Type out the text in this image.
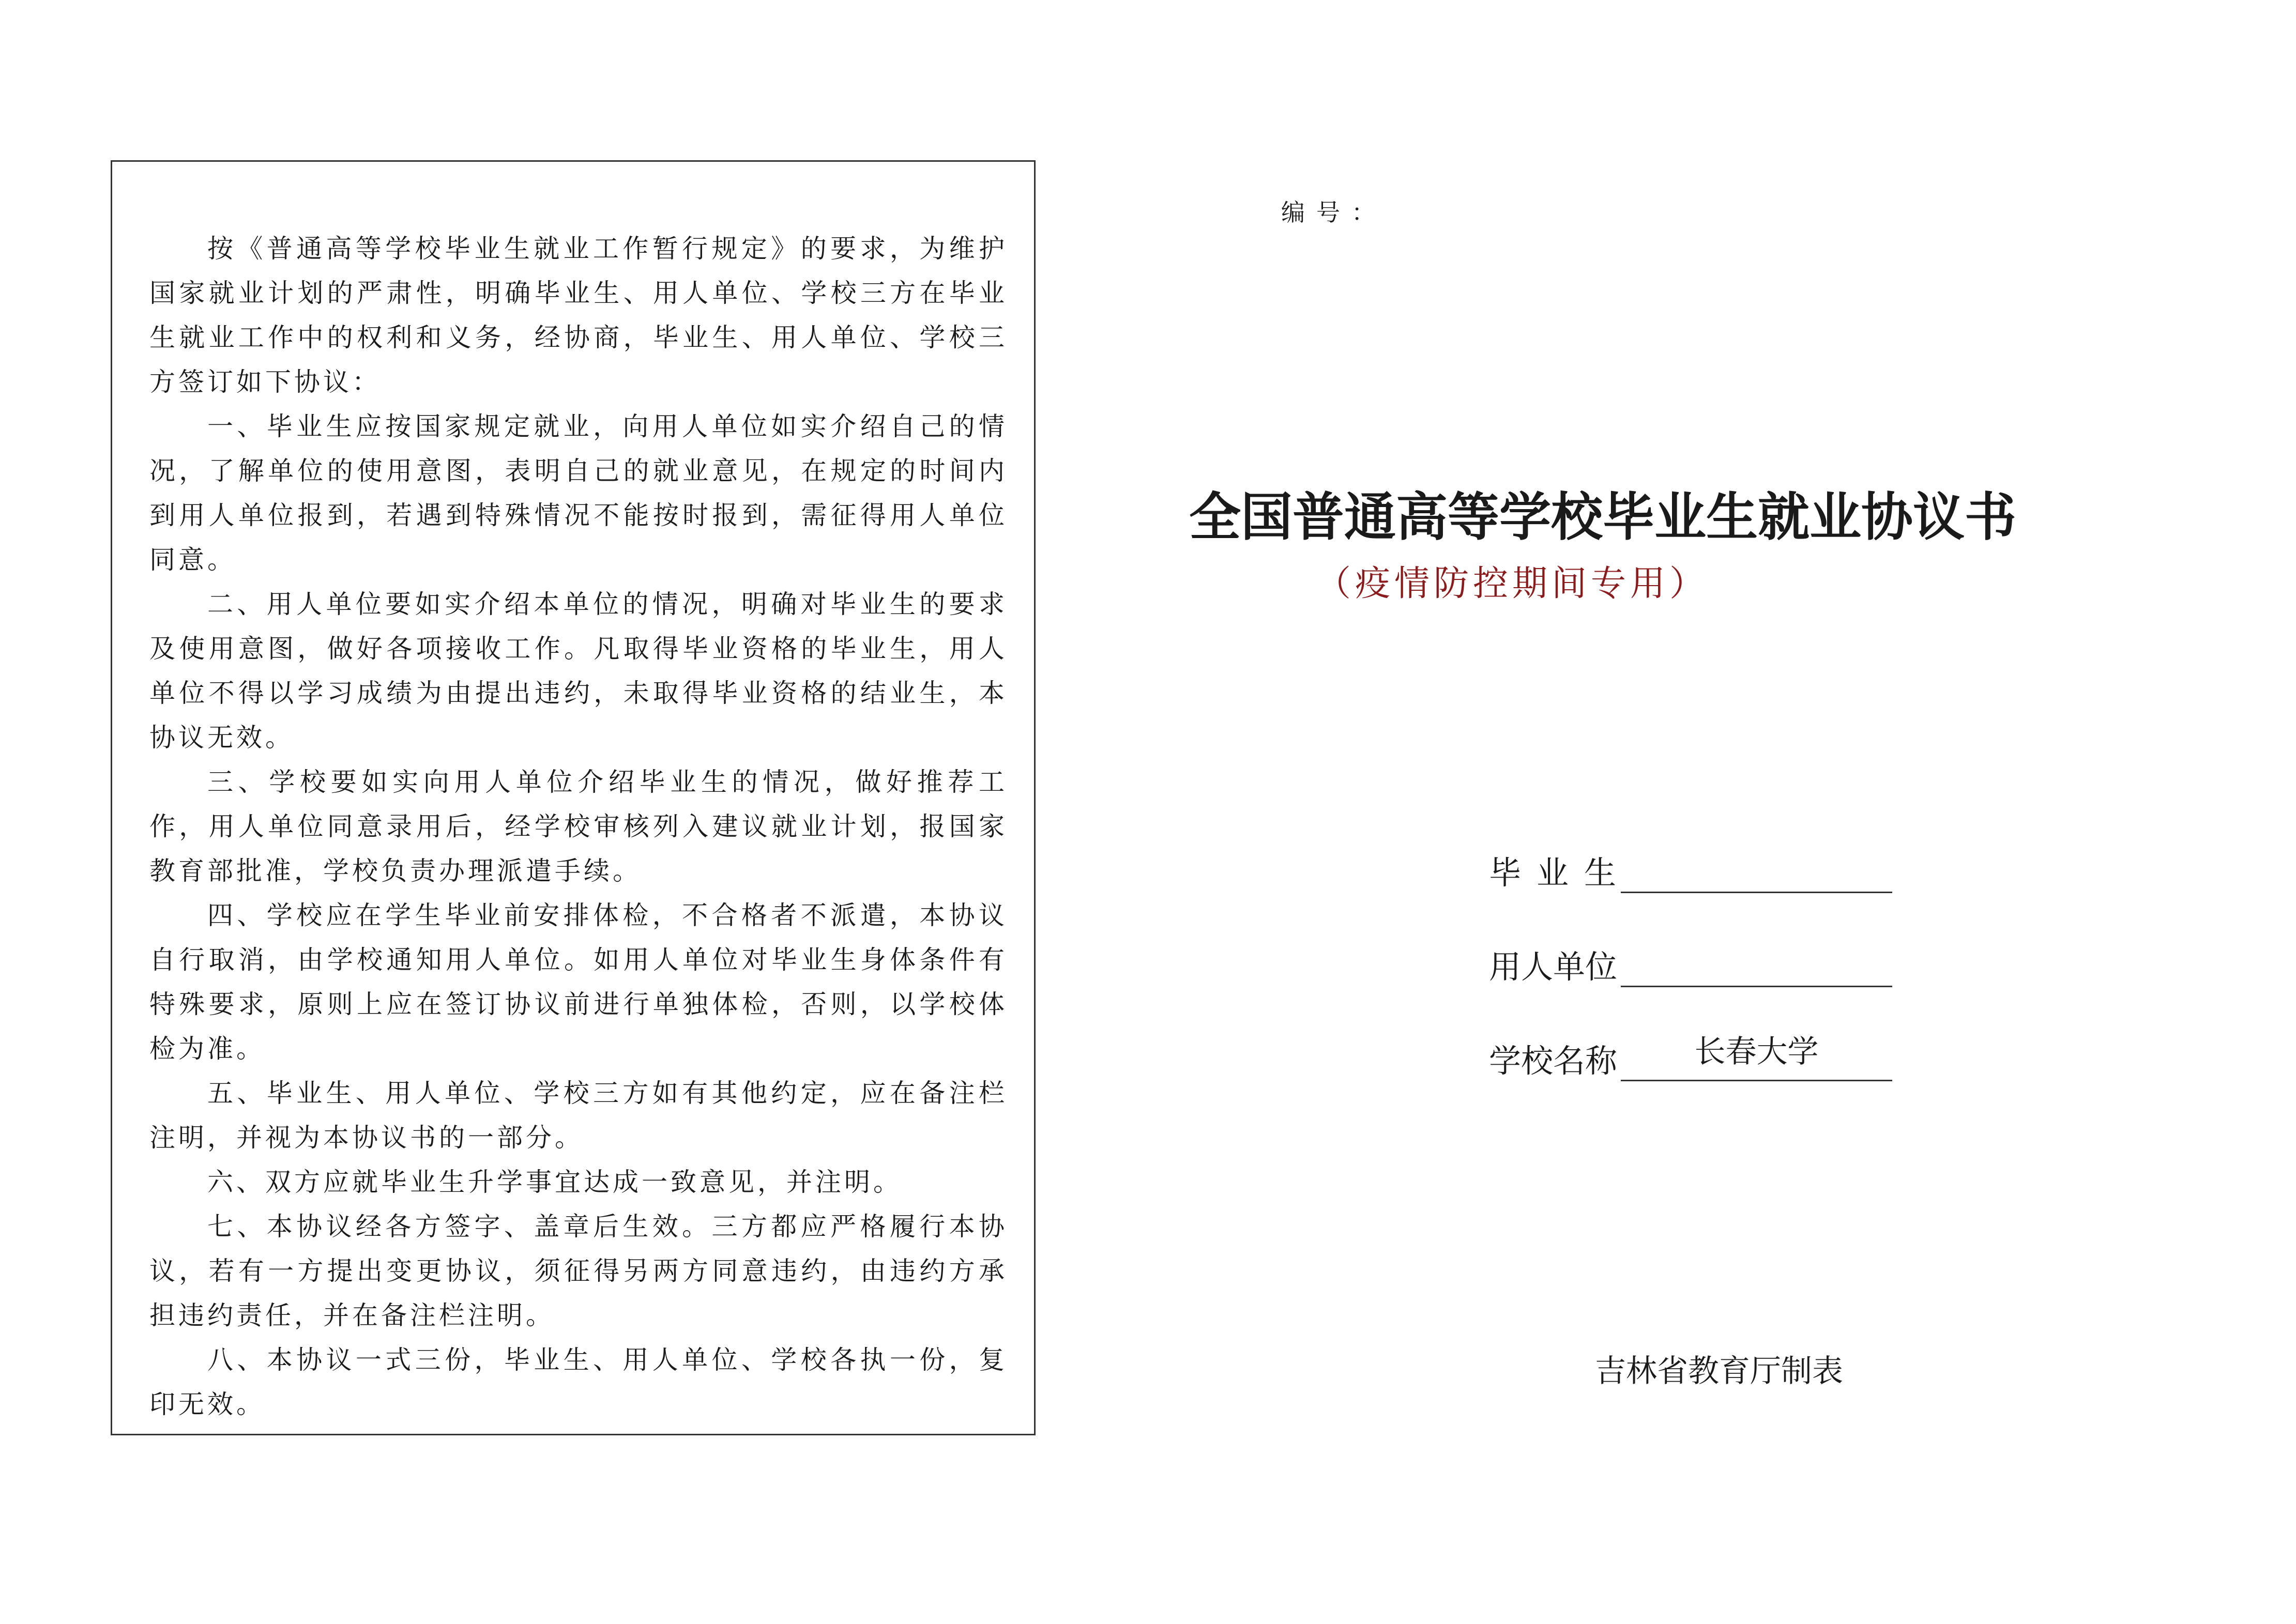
按《普通高等学校毕业生就业工作暂行规定》的要求，为维护国家就业计划的严肃性，明确毕业生、用人单位、学校三方在毕业生就业工作中的权利和义务，经协商，毕业生、用人单位、学校三方签订如下协议：

一、毕业生应按国家规定就业，向用人单位如实介绍自己的情况，了解单位的使用意图，表明自己的就业意见，在规定的时间内到用人单位报到，若遇到特殊情况不能按时报到，需征得用人单位同意。

二、用人单位要如实介绍本单位的情况，明确对毕业生的要求及使用意图，做好各项接收工作。凡取得毕业资格的毕业生，用人单位不得以学习成绩为由提出违约，未取得毕业资格的结业生，本协议无效。

三、学校要如实向用人单位介绍毕业生的情况，做好推荐工作，用人单位同意录用后，经学校审核列入建议就业计划，报国家教育部批准，学校负责办理派遣手续。

四、学校应在学生毕业前安排体检，不合格者不派遣，本协议自行取消，由学校通知用人单位。如用人单位对毕业生身体条件有特殊要求，原则上应在签订协议前进行单独体检，否则，以学校体检为准。

五、毕业生、用人单位、学校三方如有其他约定，应在备注栏注明，并视为本协议书的一部分。

六、双方应就毕业生升学事宜达成一致意见，并注明。

七、本协议经各方签字、盖章后生效。三方都应严格履行本协议，若有一方提出变更协议，须征得另两方同意违约，由违约方承担违约责任，并在备注栏注明。

八、本协议一式三份，毕业生、用人单位、学校各执一份，复印无效。

编号：
全国普通高等学校毕业生就业协议书
（疫情防控期间专用）
毕业生
用人单位
学校名称	长春大学
吉林省教育厅制表
